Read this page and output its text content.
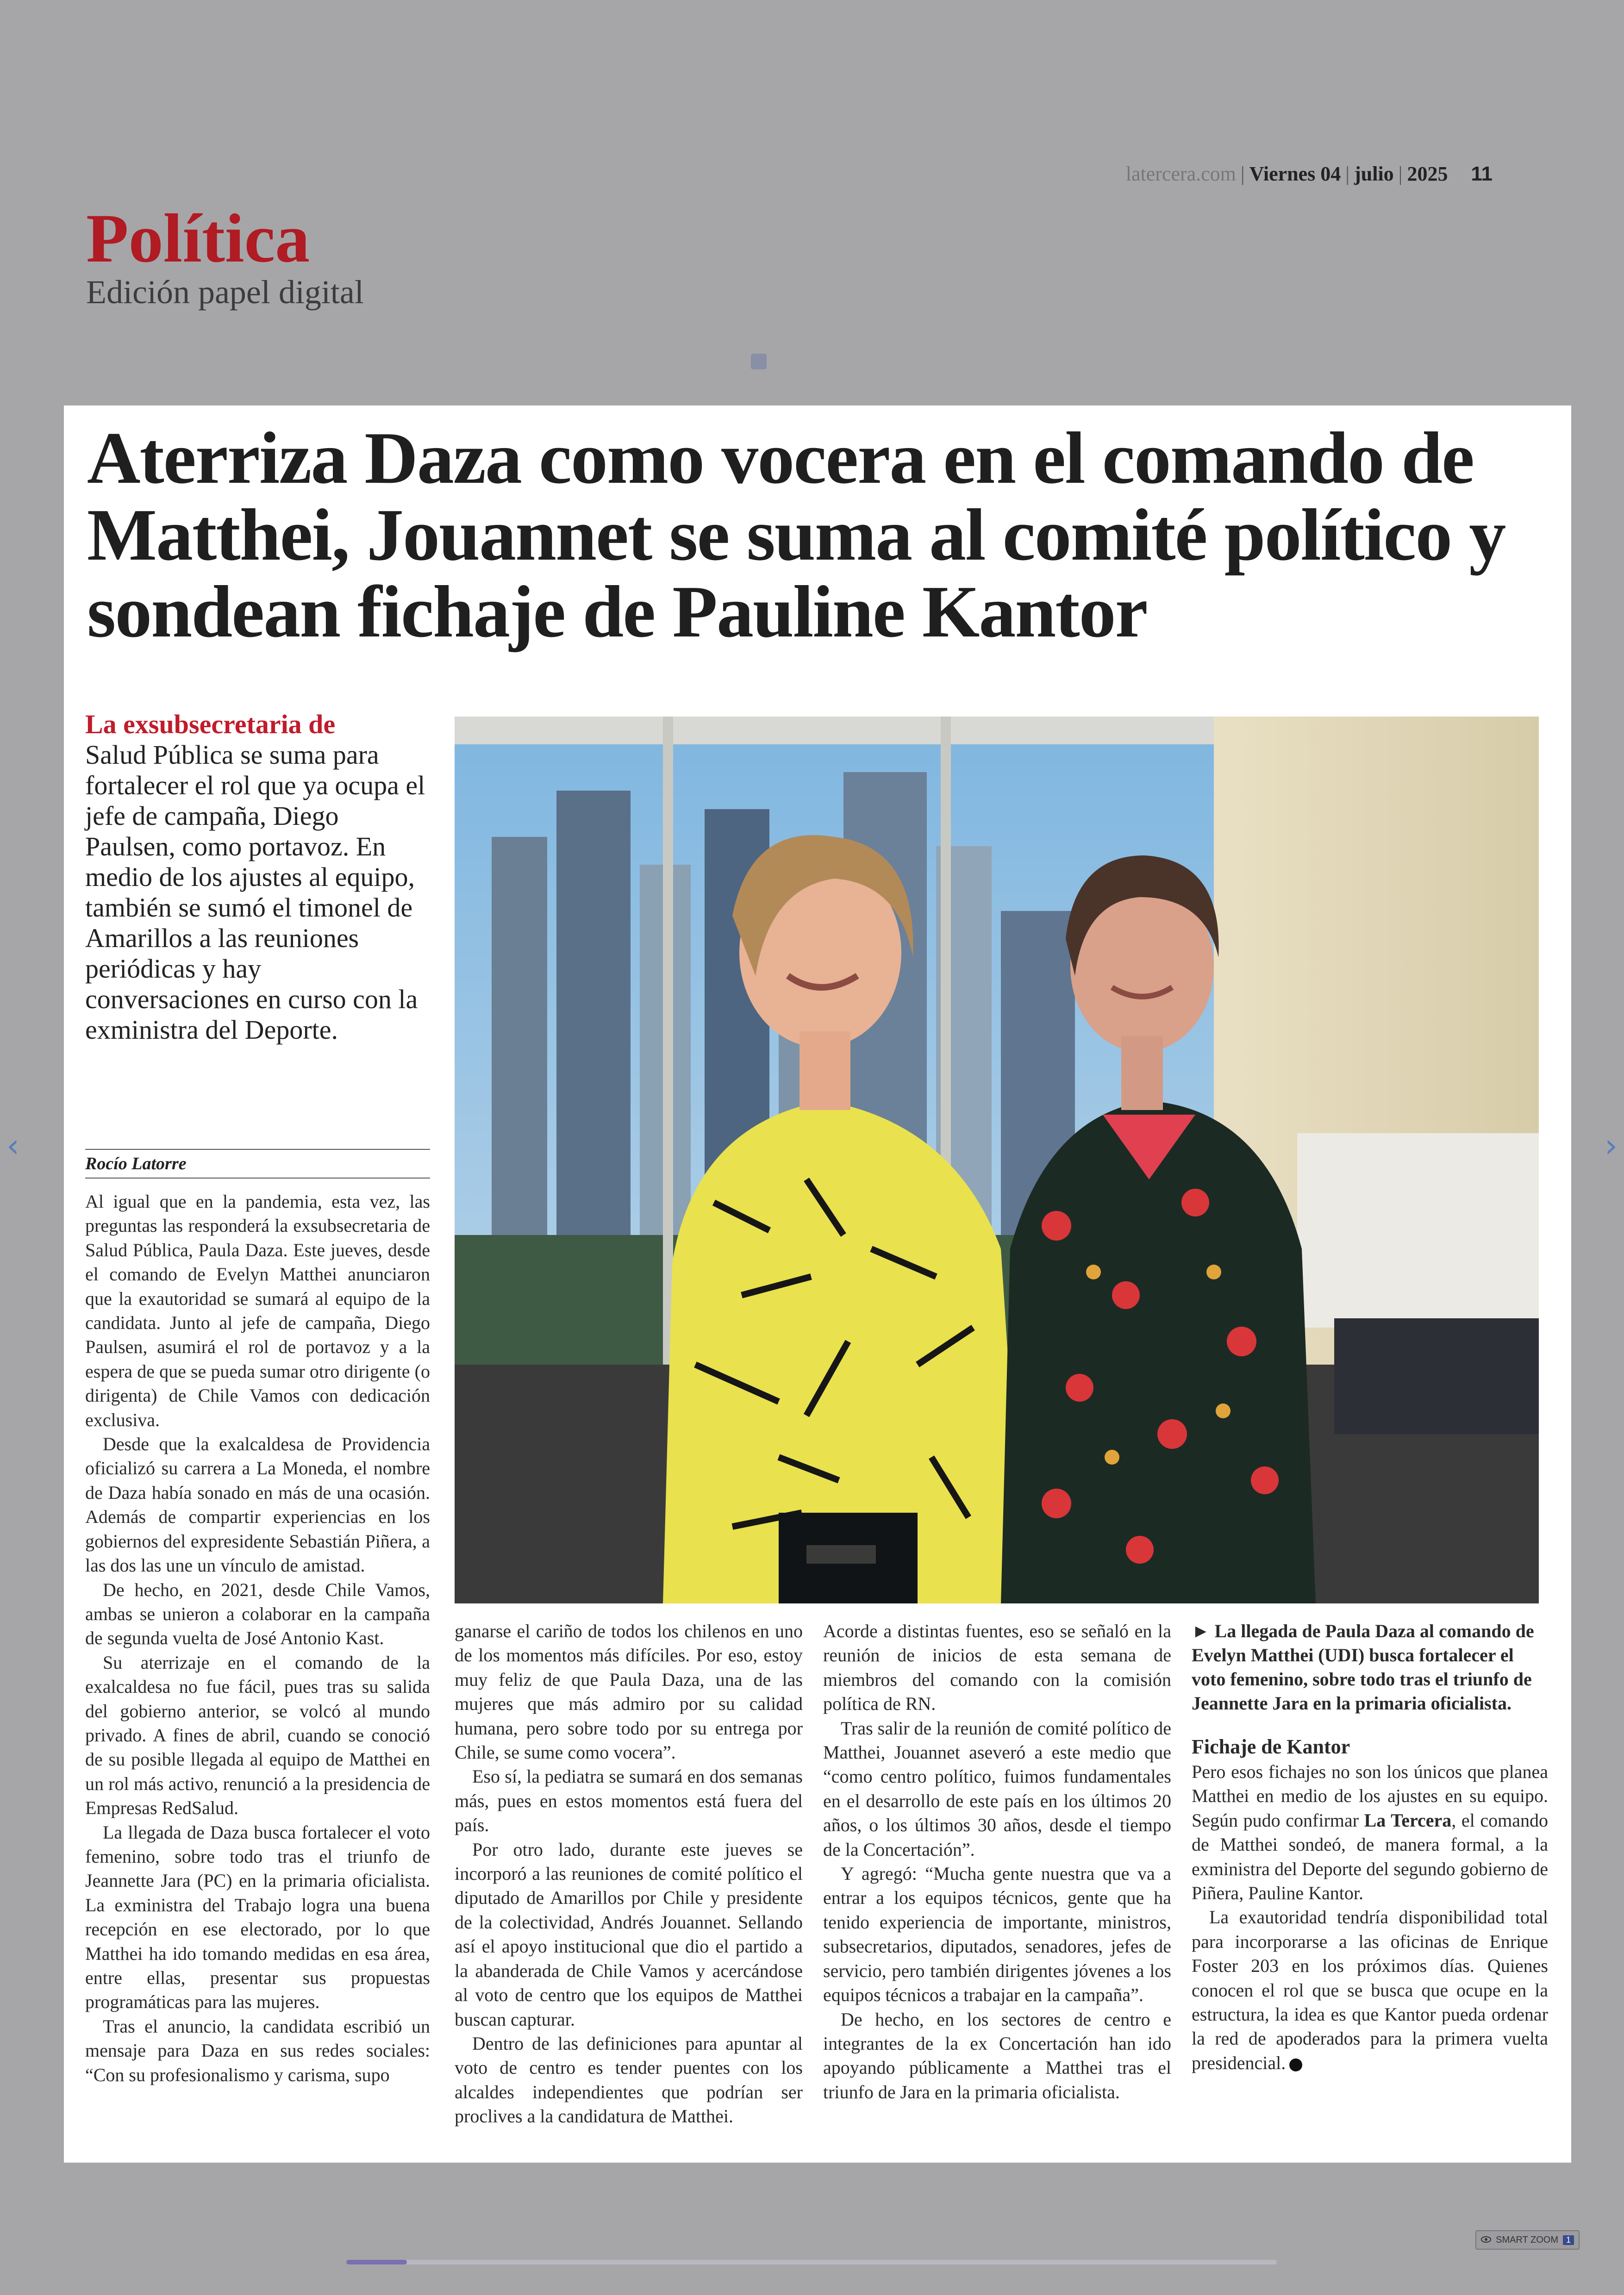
latercera.com | Viernes 04 | julio | 2025 11
Política
Edición papel digital
Aterriza Daza como vocera en el comando de Matthei, Jouannet se suma al comité político y sondean fichaje de Pauline Kantor
La exsubsecretaria de
Salud Pública se suma para fortalecer el rol que ya ocupa el jefe de campaña, Diego Paulsen, como portavoz. En medio de los ajustes al equipo, también se sumó el timonel de Amarillos a las reuniones periódicas y hay conversaciones en curso con la exministra del Deporte.
Rocío Latorre

Al igual que en la pandemia, esta vez, las preguntas las responderá la exsubsecretaria de Salud Pública, Paula Daza. Este jueves, desde el comando de Evelyn Matthei anunciaron que la exautoridad se sumará al equipo de la candidata. Junto al jefe de campaña, Diego Paulsen, asumirá el rol de portavoz y a la espera de que se pueda sumar otro dirigente (o dirigenta) de Chile Vamos con dedicación exclusiva.

Desde que la exalcaldesa de Providencia oficializó su carrera a La Moneda, el nombre de Daza había sonado en más de una ocasión. Además de compartir experiencias en los gobiernos del expresidente Sebastián Piñera, a las dos las une un vínculo de amistad.

De hecho, en 2021, desde Chile Vamos, ambas se unieron a colaborar en la campaña de segunda vuelta de José Antonio Kast.

Su aterrizaje en el comando de la exalcaldesa no fue fácil, pues tras su salida del gobierno anterior, se volcó al mundo privado. A fines de abril, cuando se conoció de su posible llegada al equipo de Matthei en un rol más activo, renunció a la presidencia de Empresas RedSalud.

La llegada de Daza busca fortalecer el voto femenino, sobre todo tras el triunfo de Jeannette Jara (PC) en la primaria oficialista. La exministra del Trabajo logra una buena recepción en ese electorado, por lo que Matthei ha ido tomando medidas en esa área, entre ellas, presentar sus propuestas programáticas para las mujeres.

Tras el anuncio, la candidata escribió un mensaje para Daza en sus redes sociales: “Con su profesionalismo y carisma, supo

ganarse el cariño de todos los chilenos en uno de los momentos más difíciles. Por eso, estoy muy feliz de que Paula Daza, una de las mujeres que más admiro por su calidad humana, pero sobre todo por su entrega por Chile, se sume como vocera”.

Eso sí, la pediatra se sumará en dos semanas más, pues en estos momentos está fuera del país.

Por otro lado, durante este jueves se incorporó a las reuniones de comité político el diputado de Amarillos por Chile y presidente de la colectividad, Andrés Jouannet. Sellando así el apoyo institucional que dio el partido a la abanderada de Chile Vamos y acercándose al voto de centro que los equipos de Matthei buscan capturar.

Dentro de las definiciones para apuntar al voto de centro es tender puentes con los alcaldes independientes que podrían ser proclives a la candidatura de Matthei.

Acorde a distintas fuentes, eso se señaló en la reunión de inicios de esta semana de miembros del comando con la comisión política de RN.

Tras salir de la reunión de comité político de Matthei, Jouannet aseveró a este medio que “como centro político, fuimos fundamentales en el desarrollo de este país en los últimos 20 años, o los últimos 30 años, desde el tiempo de la Concertación”.

Y agregó: “Mucha gente nuestra que va a entrar a los equipos técnicos, gente que ha tenido experiencia de importante, ministros, subsecretarios, diputados, senadores, jefes de servicio, pero también dirigentes jóvenes a los equipos técnicos a trabajar en la campaña”.

De hecho, en los sectores de centro e integrantes de la ex Concertación han ido apoyando públicamente a Matthei tras el triunfo de Jara en la primaria oficialista.

► La llegada de Paula Daza al comando de Evelyn Matthei (UDI) busca fortalecer el voto femenino, sobre todo tras el triunfo de Jeannette Jara en la primaria oficialista.
Fichaje de Kantor

Pero esos fichajes no son los únicos que planea Matthei en medio de los ajustes en su equipo. Según pudo confirmar La Tercera, el comando de Matthei sondeó, de manera formal, a la exministra del Deporte del segundo gobierno de Piñera, Pauline Kantor.

La exautoridad tendría disponibilidad total para incorporarse a las oficinas de Enrique Foster 203 en los próximos días. Quienes conocen el rol que se busca que ocupe en la estructura, la idea es que Kantor pueda ordenar la red de apoderados para la primera vuelta presidencial.

‹	›
SMART ZOOM 1
